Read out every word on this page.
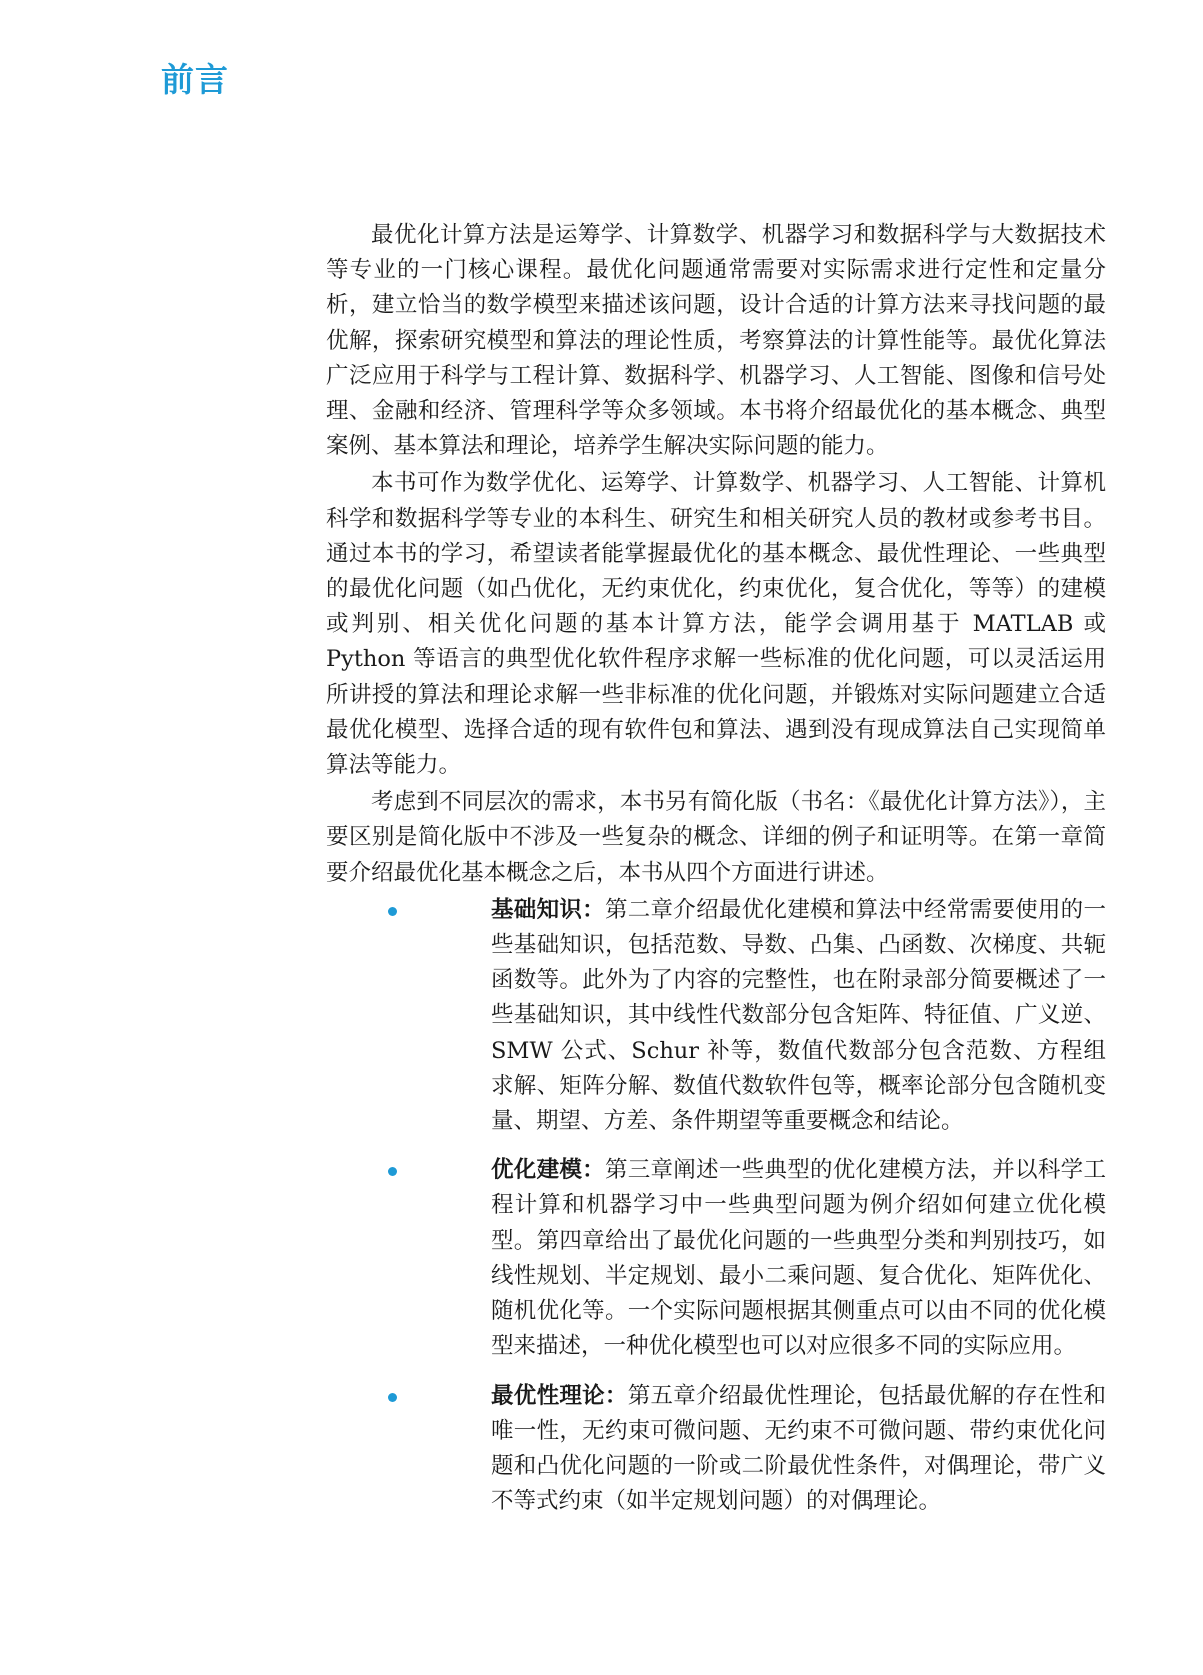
前言

最优化计算方法是运筹学、计算数学、机器学习和数据科学与大数据技术等专业的一门核心课程。最优化问题通常需要对实际需求进行定性和定量分析，建立恰当的数学模型来描述该问题，设计合适的计算方法来寻找问题的最优解，探索研究模型和算法的理论性质，考察算法的计算性能等。最优化算法广泛应用于科学与工程计算、数据科学、机器学习、人工智能、图像和信号处理、金融和经济、管理科学等众多领域。本书将介绍最优化的基本概念、典型案例、基本算法和理论，培养学生解决实际问题的能力。

本书可作为数学优化、运筹学、计算数学、机器学习、人工智能、计算机科学和数据科学等专业的本科生、研究生和相关研究人员的教材或参考书目。通过本书的学习，希望读者能掌握最优化的基本概念、最优性理论、一些典型的最优化问题（如凸优化，无约束优化，约束优化，复合优化，等等）的建模或判别、相关优化问题的基本计算方法，能学会调用基于 MATLAB 或 Python 等语言的典型优化软件程序求解一些标准的优化问题，可以灵活运用所讲授的算法和理论求解一些非标准的优化问题，并锻炼对实际问题建立合适最优化模型、选择合适的现有软件包和算法、遇到没有现成算法自己实现简单算法等能力。

考虑到不同层次的需求，本书另有简化版（书名：《最优化计算方法》），主要区别是简化版中不涉及一些复杂的概念、详细的例子和证明等。在第一章简要介绍最优化基本概念之后，本书从四个方面进行讲述。

基础知识：第二章介绍最优化建模和算法中经常需要使用的一些基础知识，包括范数、导数、凸集、凸函数、次梯度、共轭函数等。此外为了内容的完整性，也在附录部分简要概述了一些基础知识，其中线性代数部分包含矩阵、特征值、广义逆、SMW 公式、Schur 补等，数值代数部分包含范数、方程组求解、矩阵分解、数值代数软件包等，概率论部分包含随机变量、期望、方差、条件期望等重要概念和结论。
优化建模：第三章阐述一些典型的优化建模方法，并以科学工程计算和机器学习中一些典型问题为例介绍如何建立优化模型。第四章给出了最优化问题的一些典型分类和判别技巧，如线性规划、半定规划、最小二乘问题、复合优化、矩阵优化、随机优化等。一个实际问题根据其侧重点可以由不同的优化模型来描述，一种优化模型也可以对应很多不同的实际应用。
最优性理论：第五章介绍最优性理论，包括最优解的存在性和唯一性，无约束可微问题、无约束不可微问题、带约束优化问题和凸优化问题的一阶或二阶最优性条件，对偶理论，带广义不等式约束（如半定规划问题）的对偶理论。
